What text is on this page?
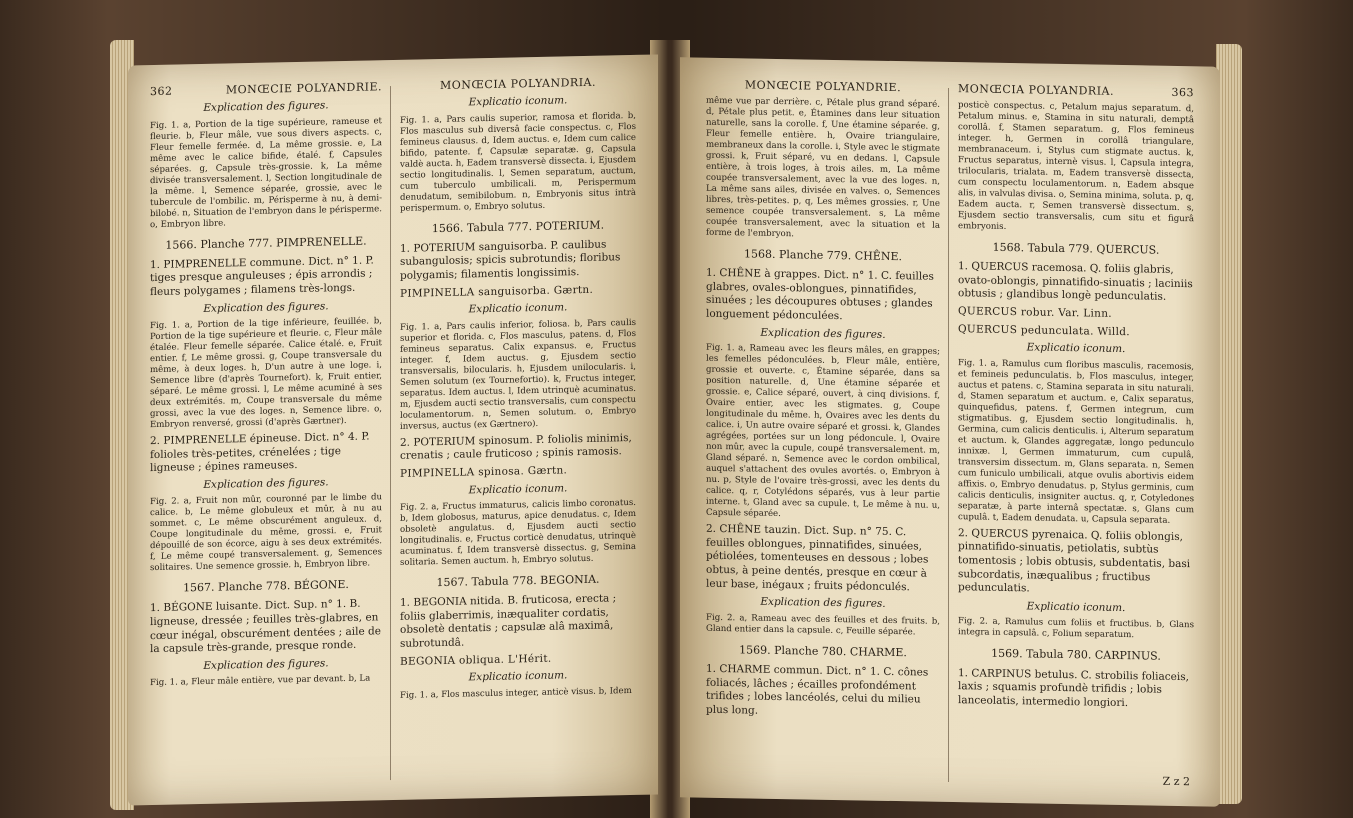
362	MONŒCIE POLYANDRIE.
Explication des figures.

Fig. 1. a, Portion de la tige supérieure, rameuse et fleurie. b, Fleur mâle, vue sous divers aspects. c, Fleur femelle fermée. d, La même grossie. e, La même avec le calice bifide, étalé. f, Capsules séparées. g, Capsule très-grossie. k, La même divisée transversalement. l, Section longitudinale de la même. l, Semence séparée, grossie, avec le tubercule de l'ombilic. m, Périsperme à nu, à demi-bilobé. n, Situation de l'embryon dans le périsperme. o, Embryon libre.

1566. Planche 777. PIMPRENELLE.
1. PIMPRENELLE commune. Dict. n° 1. P. tiges presque anguleuses ; épis arrondis ; fleurs polygames ; filamens très-longs.
Explication des figures.

Fig. 1. a, Portion de la tige inférieure, feuillée. b, Portion de la tige supérieure et fleurie. c, Fleur mâle étalée. Fleur femelle séparée. Calice étalé. e, Fruit entier. f, Le même grossi. g, Coupe transversale du même, à deux loges. h, D'un autre à une loge. i, Semence libre (d'après Tournefort). k, Fruit entier, séparé. Le même grossi. l, Le même acuminé à ses deux extrémités. m, Coupe transversale du même grossi, avec la vue des loges. n, Semence libre. o, Embryon renversé, grossi (d'après Gærtner).

2. PIMPRENELLE épineuse. Dict. n° 4. P. folioles très-petites, crénelées ; tige ligneuse ; épines rameuses.
Explication des figures.

Fig. 2. a, Fruit non mûr, couronné par le limbe du calice. b, Le même globuleux et mûr, à nu au sommet. c, Le même obscurément anguleux. d, Coupe longitudinale du même, grossi. e, Fruit dépouillé de son écorce, aigu à ses deux extrémités. f, Le même coupé transversalement. g, Semences solitaires. Une semence grossie. h, Embryon libre.

1567. Planche 778. BÉGONE.
1. BÉGONE luisante. Dict. Sup. n° 1. B. ligneuse, dressée ; feuilles très-glabres, en cœur inégal, obscurément dentées ; aile de la capsule très-grande, presque ronde.
Explication des figures.

Fig. 1. a, Fleur mâle entière, vue par devant. b, La

MONŒCIA POLYANDRIA.
Explicatio iconum.

Fig. 1. a, Pars caulis superior, ramosa et florida. b, Flos masculus sub diversâ facie conspectus. c, Flos femineus clausus. d, Idem auctus. e, Idem cum calice bifido, patente. f, Capsulæ separatæ. g, Capsula valdè aucta. h, Eadem transversè dissecta. i, Ejusdem sectio longitudinalis. l, Semen separatum, auctum, cum tuberculo umbilicali. m, Perispermum denudatum, semibilobum. n, Embryonis situs intrà perispermum. o, Embryo solutus.

1566. Tabula 777. POTERIUM.
1. POTERIUM sanguisorba. P. caulibus subangulosis; spicis subrotundis; floribus polygamis; filamentis longissimis.
PIMPINELLA sanguisorba. Gærtn.
Explicatio iconum.

Fig. 1. a, Pars caulis inferior, foliosa. b, Pars caulis superior et florida. c, Flos masculus, patens. d, Flos femineus separatus. Calix expansus. e, Fructus integer. f, Idem auctus. g, Ejusdem sectio transversalis, bilocularis. h, Ejusdem unilocularis. i, Semen solutum (ex Tournefortio). k, Fructus integer, separatus. Idem auctus. l, Idem utrinquè acuminatus. m, Ejusdem aucti sectio transversalis, cum conspectu loculamentorum. n, Semen solutum. o, Embryo inversus, auctus (ex Gærtnero).

2. POTERIUM spinosum. P. foliolis minimis, crenatis ; caule fruticoso ; spinis ramosis.
PIMPINELLA spinosa. Gærtn.
Explicatio iconum.

Fig. 2. a, Fructus immaturus, calicis limbo coronatus. b, Idem globosus, maturus, apice denudatus. c, Idem obsoletè angulatus. d, Ejusdem aucti sectio longitudinalis. e, Fructus corticè denudatus, utrinquè acuminatus. f, Idem transversè dissectus. g, Semina solitaria. Semen auctum. h, Embryo solutus.

1567. Tabula 778. BEGONIA.
1. BEGONIA nitida. B. fruticosa, erecta ; foliis glaberrimis, inæqualiter cordatis, obsoletè dentatis ; capsulæ alâ maximâ, subrotundâ.
BEGONIA obliqua. L'Hérit.
Explicatio iconum.

Fig. 1. a, Flos masculus integer, anticè visus. b, Idem

MONŒCIE POLYANDRIE.

même vue par derrière. c, Pétale plus grand séparé. d, Pétale plus petit. e, Étamines dans leur situation naturelle, sans la corolle. f, Une étamine séparée. g, Fleur femelle entière. h, Ovaire triangulaire, membraneux dans la corolle. i, Style avec le stigmate grossi. k, Fruit séparé, vu en dedans. l, Capsule entière, à trois loges, à trois ailes. m, La même coupée transversalement, avec la vue des loges. n, La même sans ailes, divisée en valves. o, Semences libres, très-petites. p, q, Les mêmes grossies. r, Une semence coupée transversalement. s, La même coupée transversalement, avec la situation et la forme de l'embryon.

1568. Planche 779. CHÊNE.
1. CHÊNE à grappes. Dict. n° 1. C. feuilles glabres, ovales-oblongues, pinnatifides, sinuées ; les découpures obtuses ; glandes longuement pédonculées.
Explication des figures.

Fig. 1. a, Rameau avec les fleurs mâles, en grappes; les femelles pédonculées. b, Fleur mâle, entière, grossie et ouverte. c, Étamine séparée, dans sa position naturelle. d, Une étamine séparée et grossie. e, Calice séparé, ouvert, à cinq divisions. f, Ovaire entier, avec les stigmates. g, Coupe longitudinale du même. h, Ovaires avec les dents du calice. i, Un autre ovaire séparé et grossi. k, Glandes agrégées, portées sur un long pédoncule. l, Ovaire non mûr, avec la cupule, coupé transversalement. m, Gland séparé. n, Semence avec le cordon ombilical, auquel s'attachent des ovules avortés. o, Embryon à nu. p, Style de l'ovaire très-grossi, avec les dents du calice. q, r, Cotylédons séparés, vus à leur partie interne. t, Gland avec sa cupule. t, Le même à nu. u, Capsule séparée.

2. CHÊNE tauzin. Dict. Sup. n° 75. C. feuilles oblongues, pinnatifides, sinuées, pétiolées, tomenteuses en dessous ; lobes obtus, à peine dentés, presque en cœur à leur base, inégaux ; fruits pédonculés.
Explication des figures.

Fig. 2. a, Rameau avec des feuilles et des fruits. b, Gland entier dans la capsule. c, Feuille séparée.

1569. Planche 780. CHARME.
1. CHARME commun. Dict. n° 1. C. cônes foliacés, lâches ; écailles profondément trifides ; lobes lancéolés, celui du milieu plus long.
MONŒCIA POLYANDRIA.	363

posticè conspectus. c, Petalum majus separatum. d, Petalum minus. e, Stamina in situ naturali, demptâ corollâ. f, Stamen separatum. g, Flos femineus integer. h, Germen in corollâ triangulare, membranaceum. i, Stylus cum stigmate auctus. k, Fructus separatus, internè visus. l, Capsula integra, trilocularis, trialata. m, Eadem transversè dissecta, cum conspectu loculamentorum. n, Eadem absque alis, in valvulas divisa. o, Semina minima, soluta. p, q, Eadem aucta. r, Semen transversè dissectum. s, Ejusdem sectio transversalis, cum situ et figurâ embryonis.

1568. Tabula 779. QUERCUS.
1. QUERCUS racemosa. Q. foliis glabris, ovato-oblongis, pinnatifido-sinuatis ; laciniis obtusis ; glandibus longè pedunculatis.
QUERCUS robur. Var. Linn.
QUERCUS pedunculata. Willd.
Explicatio iconum.

Fig. 1. a, Ramulus cum floribus masculis, racemosis, et femineis pedunculatis. b, Flos masculus, integer, auctus et patens. c, Stamina separata in situ naturali. d, Stamen separatum et auctum. e, Calix separatus, quinquefidus, patens. f, Germen integrum, cum stigmatibus. g, Ejusdem sectio longitudinalis. h, Germina, cum calicis denticulis. i, Alterum separatum et auctum. k, Glandes aggregatæ, longo pedunculo innixæ. l, Germen immaturum, cum cupulâ, transversim dissectum. m, Glans separata. n, Semen cum funiculo umbilicali, atque ovulis abortivis eidem affixis. o, Embryo denudatus. p, Stylus germinis, cum calicis denticulis, insigniter auctus. q, r, Cotyledones separatæ, à parte internâ spectatæ. s, Glans cum cupulâ. t, Eadem denudata. u, Capsula separata.

2. QUERCUS pyrenaica. Q. foliis oblongis, pinnatifido-sinuatis, petiolatis, subtùs tomentosis ; lobis obtusis, subdentatis, basi subcordatis, inæqualibus ; fructibus pedunculatis.
Explicatio iconum.

Fig. 2. a, Ramulus cum foliis et fructibus. b, Glans integra in capsulâ. c, Folium separatum.

1569. Tabula 780. CARPINUS.
1. CARPINUS betulus. C. strobilis foliaceis, laxis ; squamis profundè trifidis ; lobis lanceolatis, intermedio longiori.
Z z 2
